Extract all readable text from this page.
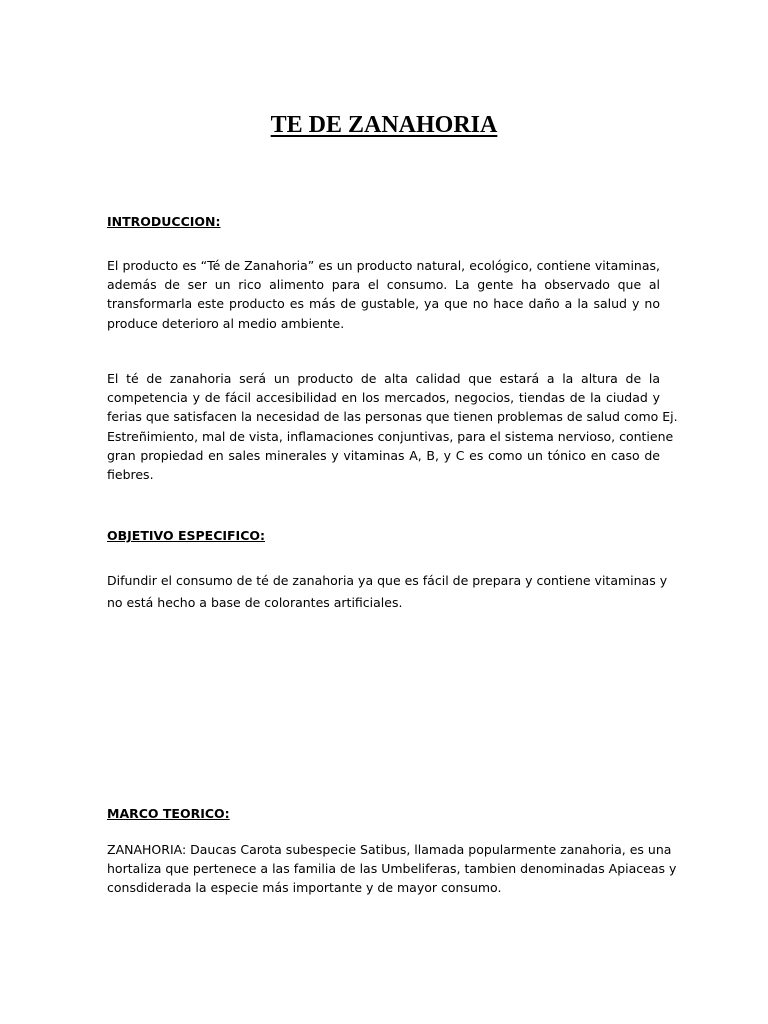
TE DE ZANAHORIA

INTRODUCCION:

El producto es “Té de Zanahoria” es un producto natural, ecológico, contiene vitaminas,
además de ser un rico alimento para el consumo. La gente ha observado que al
transformarla este producto es más de gustable, ya que no hace daño a la salud y no
produce deterioro al medio ambiente.

El té de zanahoria será un producto de alta calidad que estará a la altura de la
competencia y de fácil accesibilidad en los mercados, negocios, tiendas de la ciudad y
ferias que satisfacen la necesidad de las personas que tienen problemas de salud como Ej.
Estreñimiento, mal de vista, inflamaciones conjuntivas, para el sistema nervioso, contiene
gran propiedad en sales minerales y vitaminas A, B, y C es como un tónico en caso de
fiebres.

OBJETIVO ESPECIFICO:

Difundir el consumo de té de zanahoria ya que es fácil de prepara y contiene vitaminas y
no está hecho a base de colorantes artificiales.

MARCO TEORICO:

ZANAHORIA: Daucas Carota subespecie Satibus, llamada popularmente zanahoria, es una
hortaliza que pertenece a las familia de las Umbeliferas, tambien denominadas Apiaceas y
consdiderada la especie más importante y de mayor consumo.
